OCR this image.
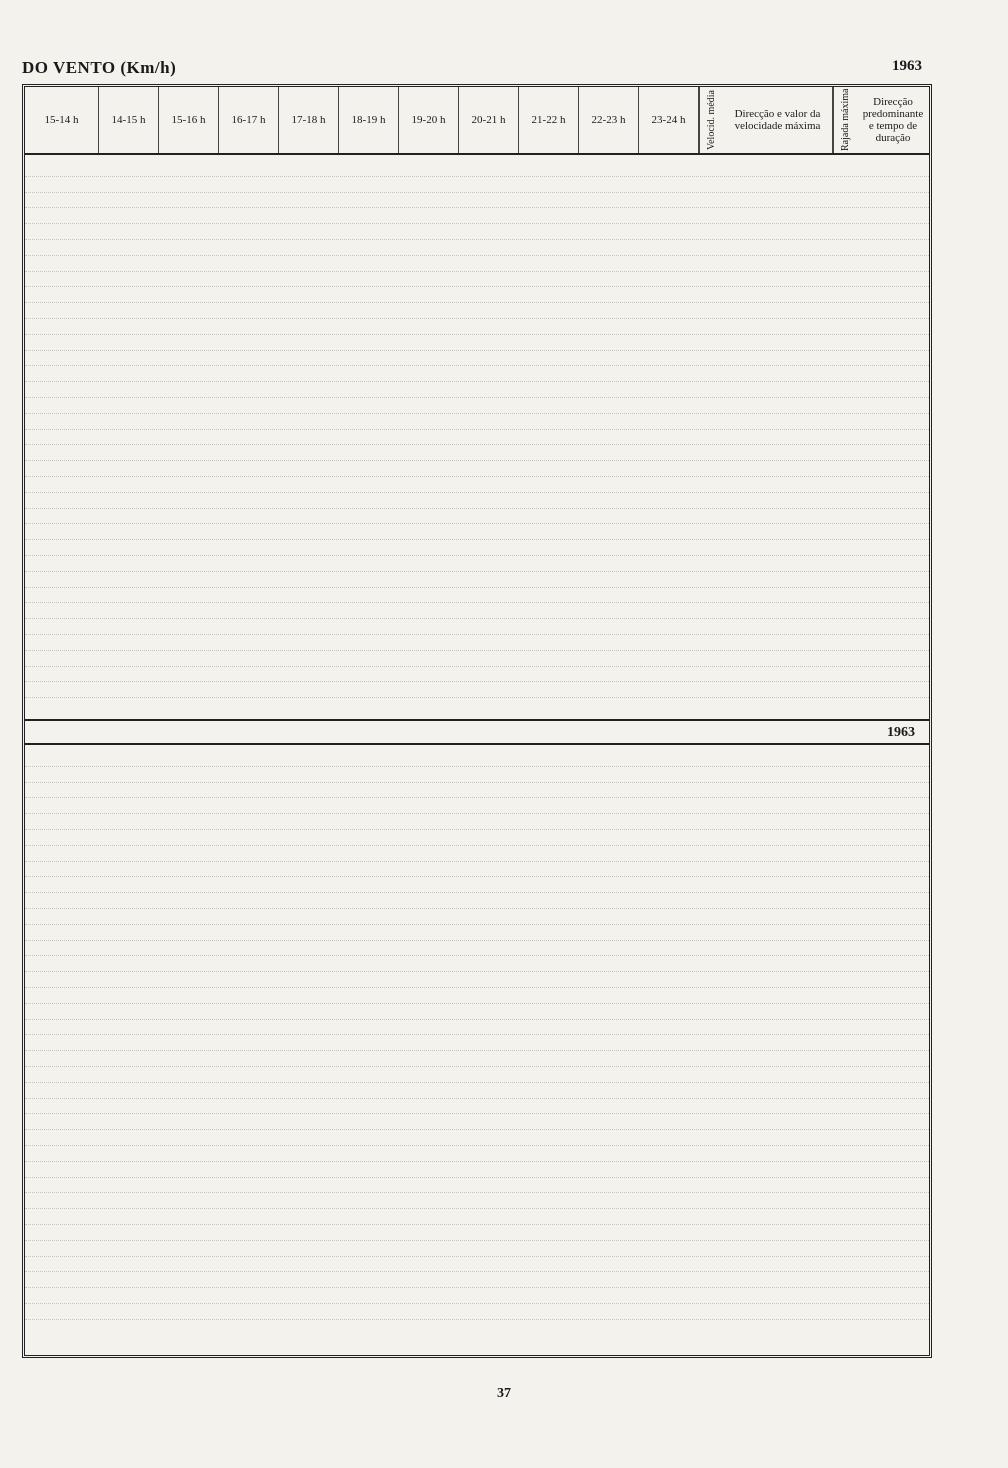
DO VENTO (Km/h)	1963
15-14 h	14-15 h	15-16 h	16-17 h	17-18 h	18-19 h	19-20 h	20-21 h	21-22 h	22-23 h	23-24 h	Velocid. média	Direcção e valor da velocidade máxima	Rajada máxima	Direcção predominante e tempo de duração
1963
37
